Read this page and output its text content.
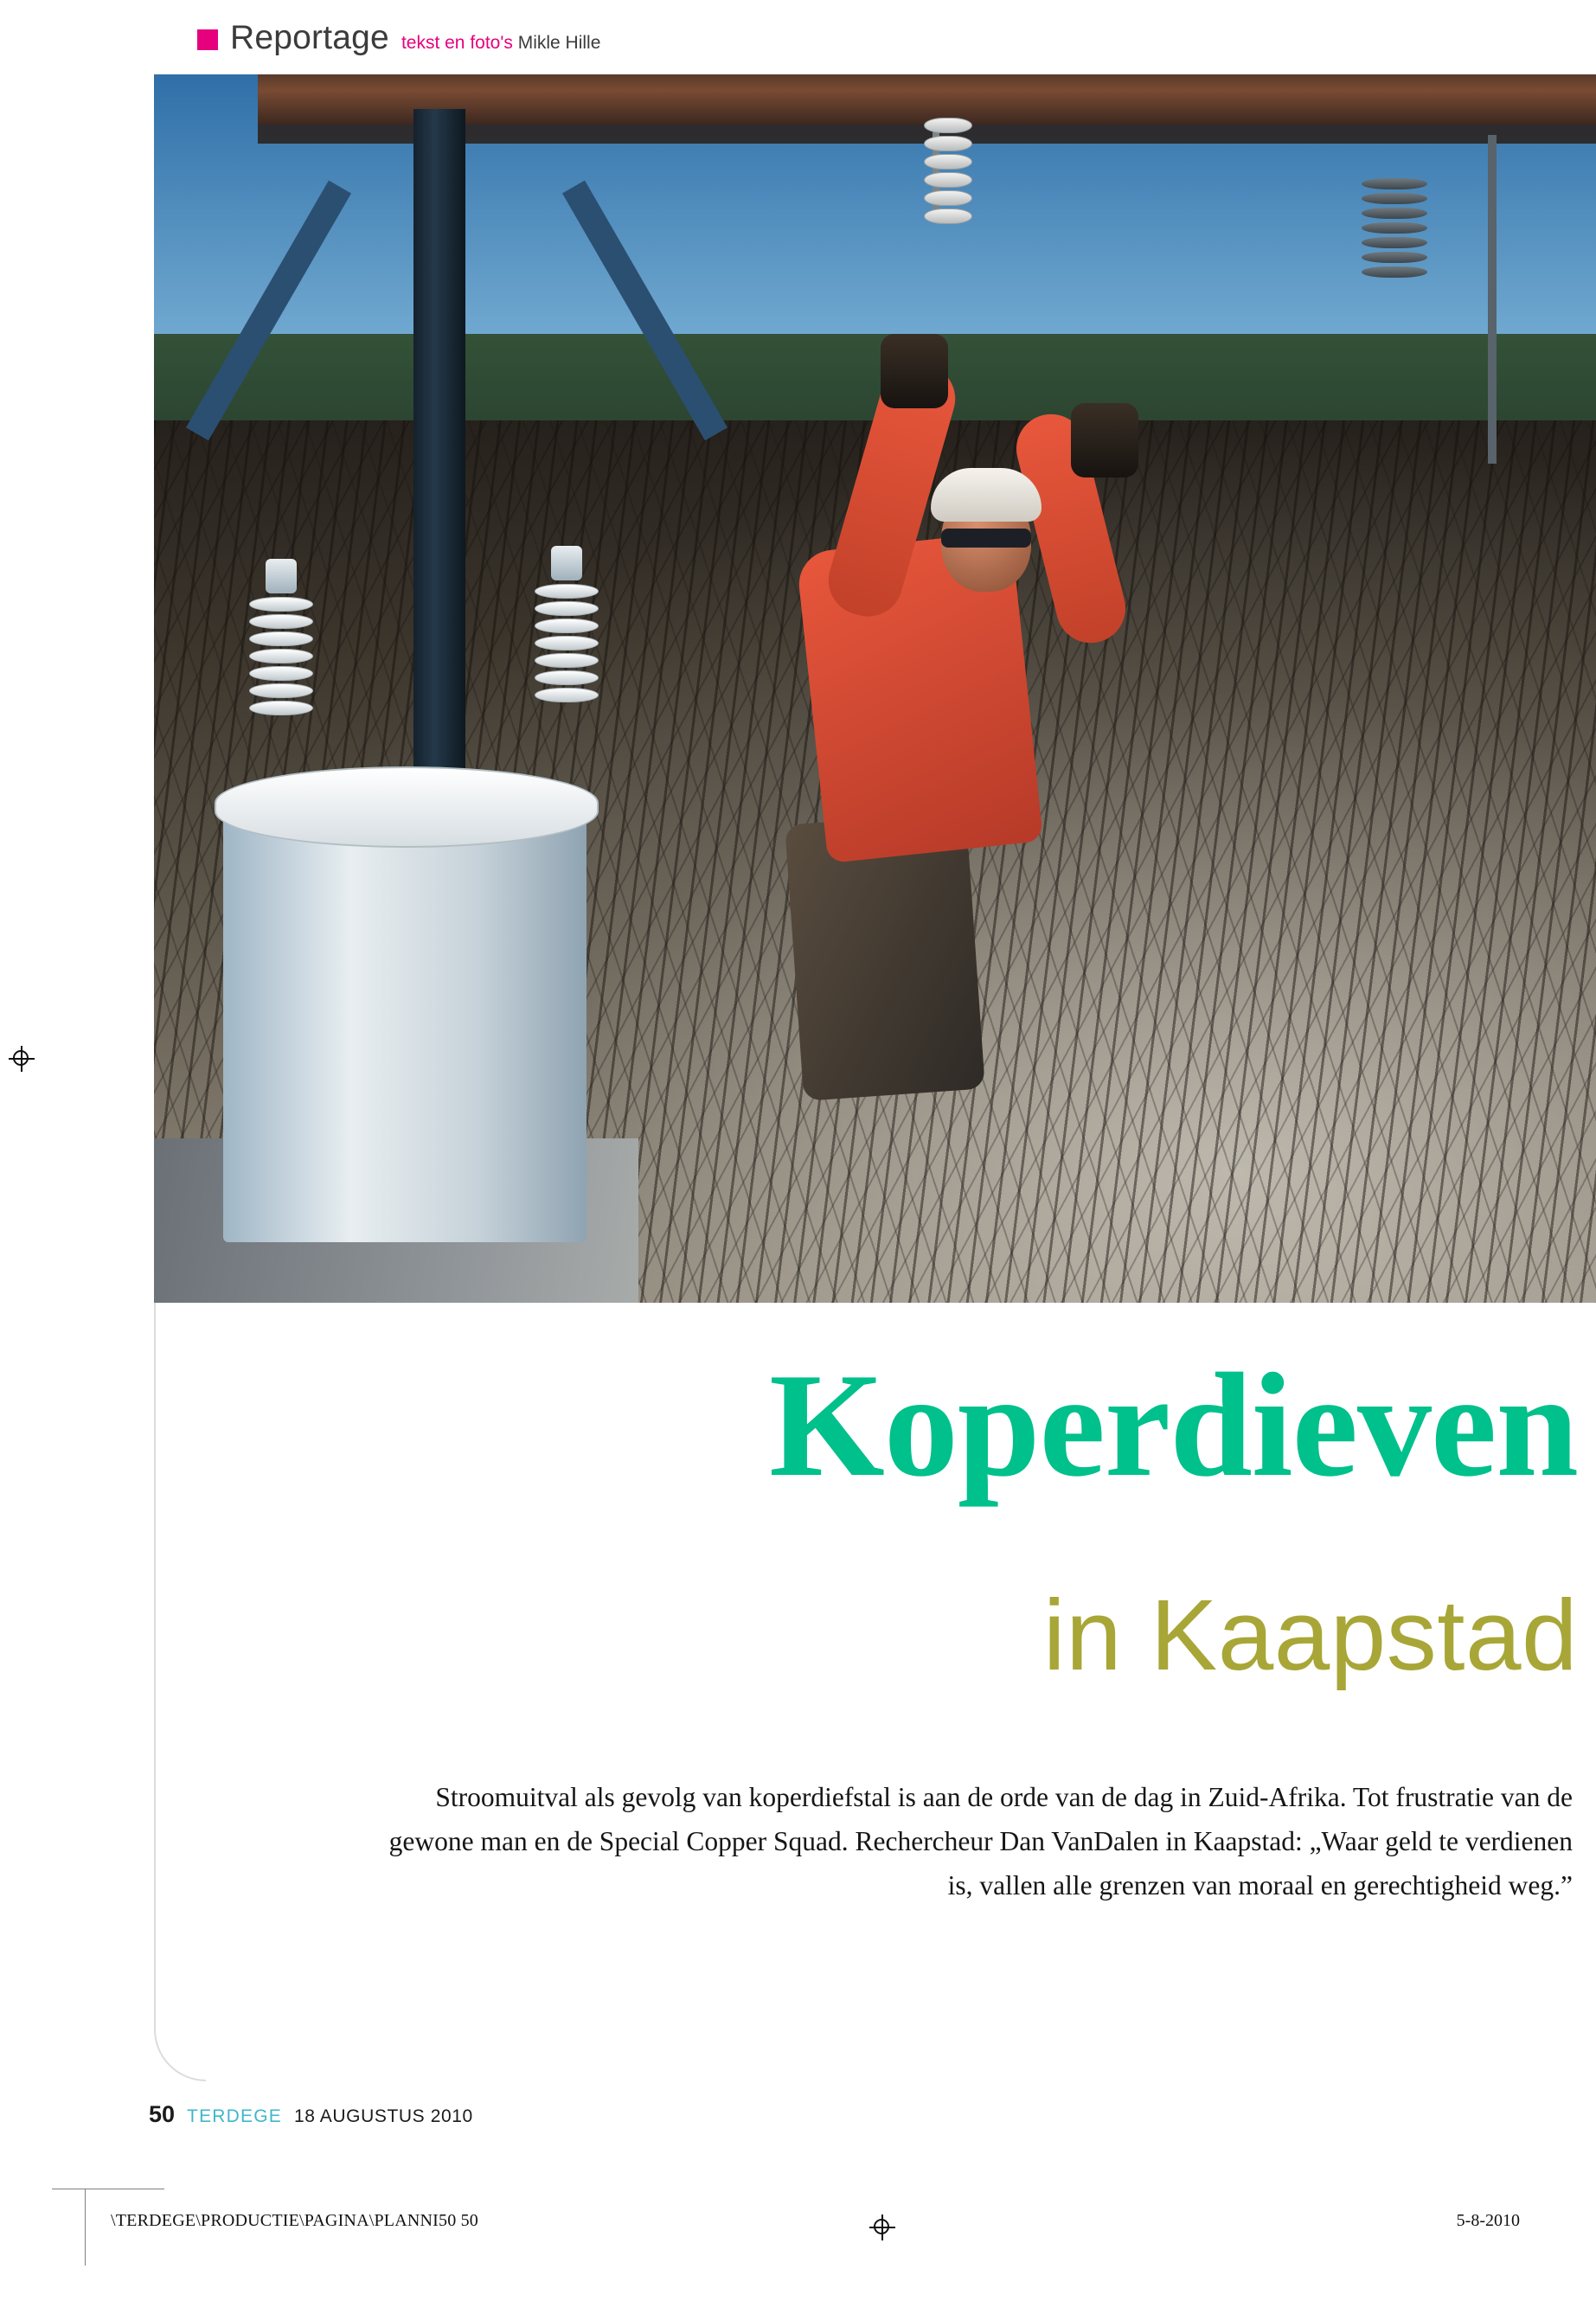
Reportage tekst en foto's Mikle Hille
Koperdieven
in Kaapstad
Stroomuitval als gevolg van koperdiefstal is aan de orde van de dag in Zuid-Afrika. Tot frustratie van de gewone man en de Special Copper Squad. Rechercheur Dan VanDalen in Kaapstad: „Waar geld te verdienen is, vallen alle grenzen van moraal en gerechtigheid weg.”
50 TERDEGE 18 AUGUSTUS 2010
\TERDEGE\PRODUCTIE\PAGINA\PLANNI50 50	5-8-2010
